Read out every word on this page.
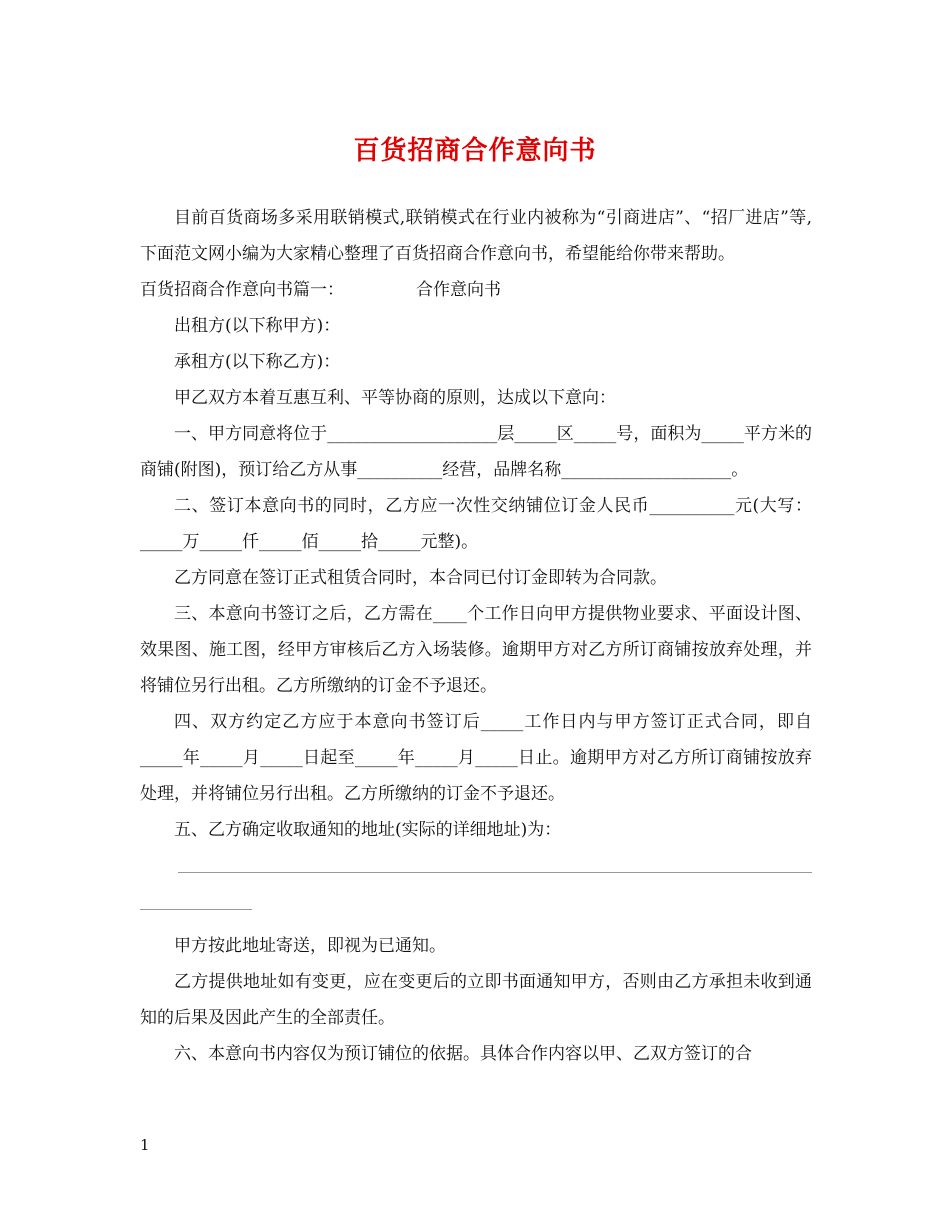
百货招商合作意向书

目前百货商场多采用联销模式,联销模式在行业内被称为“引商进店”、“招厂进店”等,下面范文网小编为大家精心整理了百货招商合作意向书，希望能给你带来帮助。

百货招商合作意向书篇一：	合作意向书

出租方(以下称甲方)：

承租方(以下称乙方)：

甲乙双方本着互惠互利、平等协商的原则，达成以下意向：

一、甲方同意将位于____________________层_____区_____号，面积为_____平方米的商铺(附图)，预订给乙方从事__________经营，品牌名称____________________。

二、签订本意向书的同时，乙方应一次性交纳铺位订金人民币__________元(大写：_____万_____仟_____佰_____拾_____元整)。

乙方同意在签订正式租赁合同时，本合同已付订金即转为合同款。

三、本意向书签订之后，乙方需在____个工作日向甲方提供物业要求、平面设计图、效果图、施工图，经甲方审核后乙方入场装修。逾期甲方对乙方所订商铺按放弃处理，并将铺位另行出租。乙方所缴纳的订金不予退还。

四、双方约定乙方应于本意向书签订后_____工作日内与甲方签订正式合同，即自_____年_____月_____日起至_____年_____月_____日止。逾期甲方对乙方所订商铺按放弃处理，并将铺位另行出租。乙方所缴纳的订金不予退还。

五、乙方确定收取通知的地址(实际的详细地址)为：

甲方按此地址寄送，即视为已通知。

乙方提供地址如有变更，应在变更后的立即书面通知甲方，否则由乙方承担未收到通知的后果及因此产生的全部责任。

六、本意向书内容仅为预订铺位的依据。具体合作内容以甲、乙双方签订的合

1
